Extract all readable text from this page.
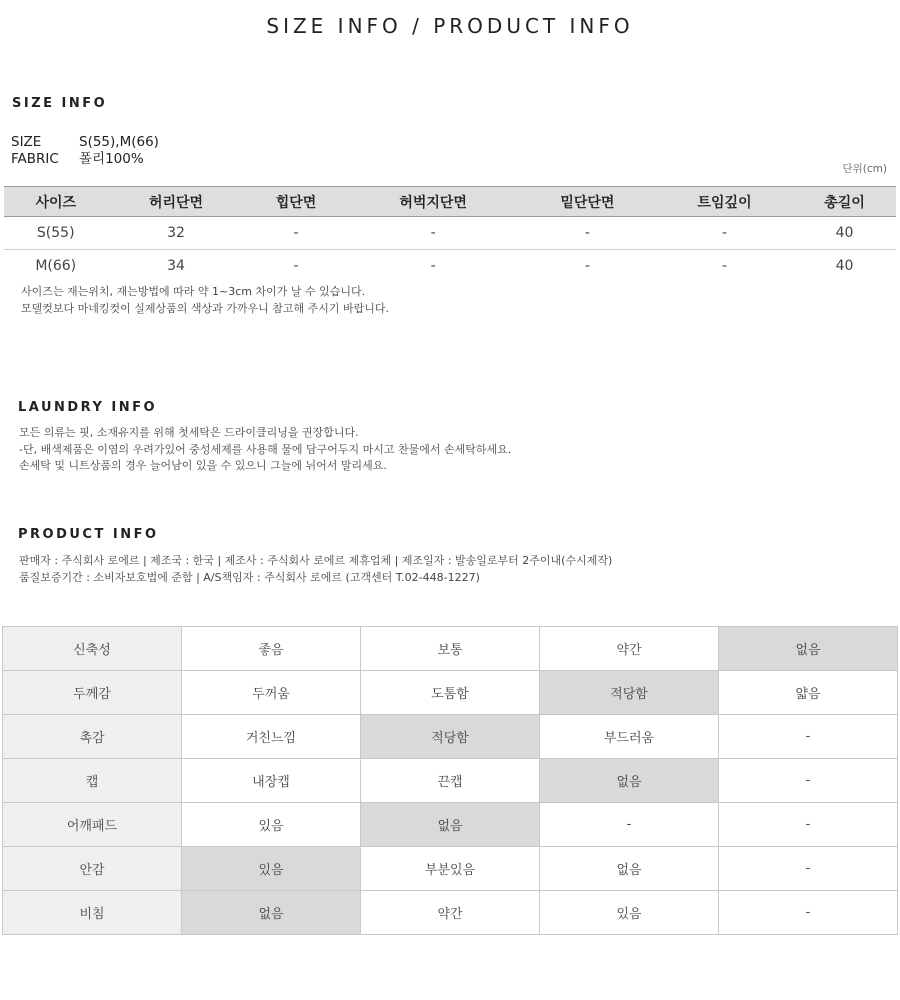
SIZE INFO / PRODUCT INFO
SIZE INFO
SIZE	S(55),M(66)
FABRIC	폴리100%
단위(cm)
사이즈	허리단면	힙단면	허벅지단면	밑단단면	트임깊이	총길이
S(55)	32	-	-	-	-	40
M(66)	34	-	-	-	-	40
사이즈는 재는위치, 재는방법에 따라 약 1~3cm 차이가 날 수 있습니다.
모델컷보다 마네킹컷이 실제상품의 색상과 가까우니 참고해 주시기 바랍니다.
LAUNDRY INFO
모든 의류는 핏, 소재유지를 위해 첫세탁은 드라이클리닝을 권장합니다.
-단, 배색제품은 이염의 우려가있어 중성세제를 사용해 물에 담구어두지 마시고 찬물에서 손세탁하세요.
손세탁 및 니트상품의 경우 늘어남이 있을 수 있으니 그늘에 뉘어서 말리세요.
PRODUCT INFO
판매자 : 주식회사 로에르 | 제조국 : 한국 | 제조사 : 주식회사 로에르 제휴업체 | 제조일자 : 발송일로부터 2주이내(수시제작)
품질보증기간 : 소비자보호법에 준함 | A/S책임자 : 주식회사 로에르 (고객센터 T.02-448-1227)
신축성	좋음	보통	약간	없음
두께감	두꺼움	도톰함	적당함	얇음
촉감	거친느낌	적당함	부드러움	-
캡	내장캡	끈캡	없음	-
어깨패드	있음	없음	-	-
안감	있음	부분있음	없음	-
비침	없음	약간	있음	-
